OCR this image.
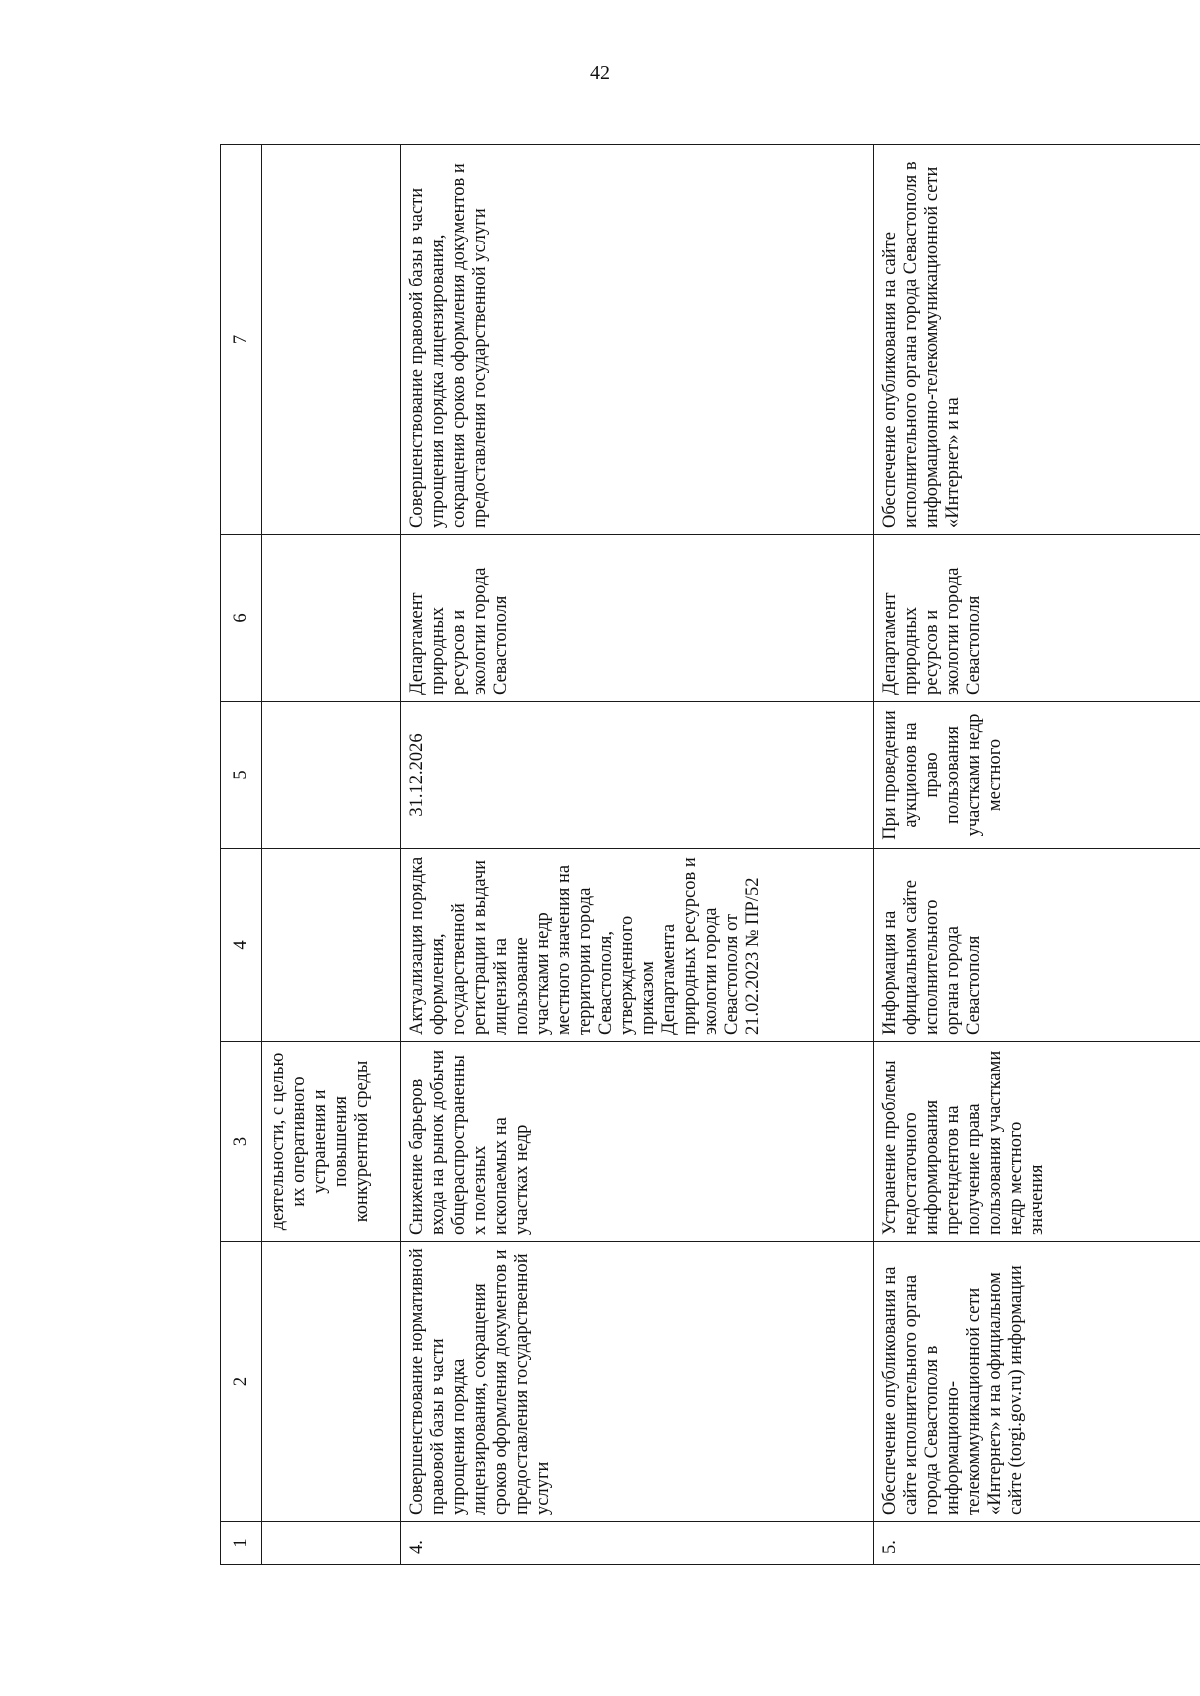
42
1	2	3	4	5	6	7
		деятельности, с целью их оперативного устранения и повышения конкурентной среды				
4.	Совершенствование нормативной правовой базы в части упрощения порядка лицензирования, сокращения сроков оформления документов и предоставления государственной услуги	Снижение барьеров входа на рынок добычи общераспространенных полезных ископаемых на участках недр	Актуализация порядка оформления, государственной регистрации и выдачи лицензий на пользование участками недр местного значения на территории города Севастополя, утвержденного приказом Департамента природных ресурсов и экологии города Севастополя от 21.02.2023 № ПР/52	31.12.2026	Департамент природных ресурсов и экологии города Севастополя	Совершенствование правовой базы в части упрощения порядка лицензирования, сокращения сроков оформления документов и предоставления государственной услуги
5.	Обеспечение опубликования на сайте исполнительного органа города Севастополя в информационно-телекоммуникационной сети «Интернет» и на официальном сайте (torgi.gov.ru) информации	Устранение проблемы недостаточного информирования претендентов на получение права пользования участками недр местного значения	Информация на официальном сайте исполнительного органа города Севастополя	При проведении аукционов на право пользования участками недр местного	Департамент природных ресурсов и экологии города Севастополя	Обеспечение опубликования на сайте исполнительного органа города Севастополя в информационно-телекоммуникационной сети «Интернет» и на
